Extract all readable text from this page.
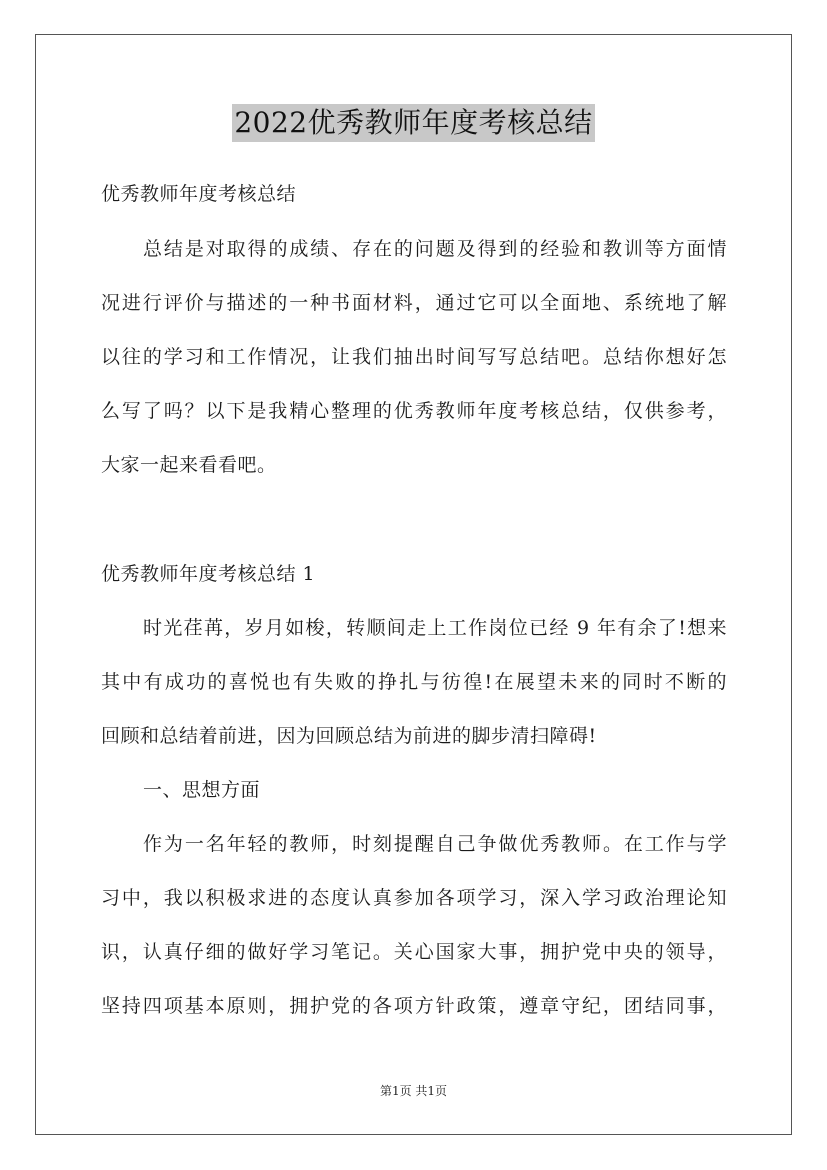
2022优秀教师年度考核总结
优秀教师年度考核总结
总结是对取得的成绩、存在的问题及得到的经验和教训等方面情
况进行评价与描述的一种书面材料，通过它可以全面地、系统地了解
以往的学习和工作情况，让我们抽出时间写写总结吧。总结你想好怎
么写了吗？以下是我精心整理的优秀教师年度考核总结，仅供参考，
大家一起来看看吧。
优秀教师年度考核总结 1
时光荏苒，岁月如梭，转顺间走上工作岗位已经 9 年有余了!想来
其中有成功的喜悦也有失败的挣扎与彷徨!在展望未来的同时不断的
回顾和总结着前进，因为回顾总结为前进的脚步清扫障碍!
一、思想方面
作为一名年轻的教师，时刻提醒自己争做优秀教师。在工作与学
习中，我以积极求进的态度认真参加各项学习，深入学习政治理论知
识，认真仔细的做好学习笔记。关心国家大事，拥护党中央的领导，
坚持四项基本原则，拥护党的各项方针政策，遵章守纪，团结同事，
第1页 共1页
